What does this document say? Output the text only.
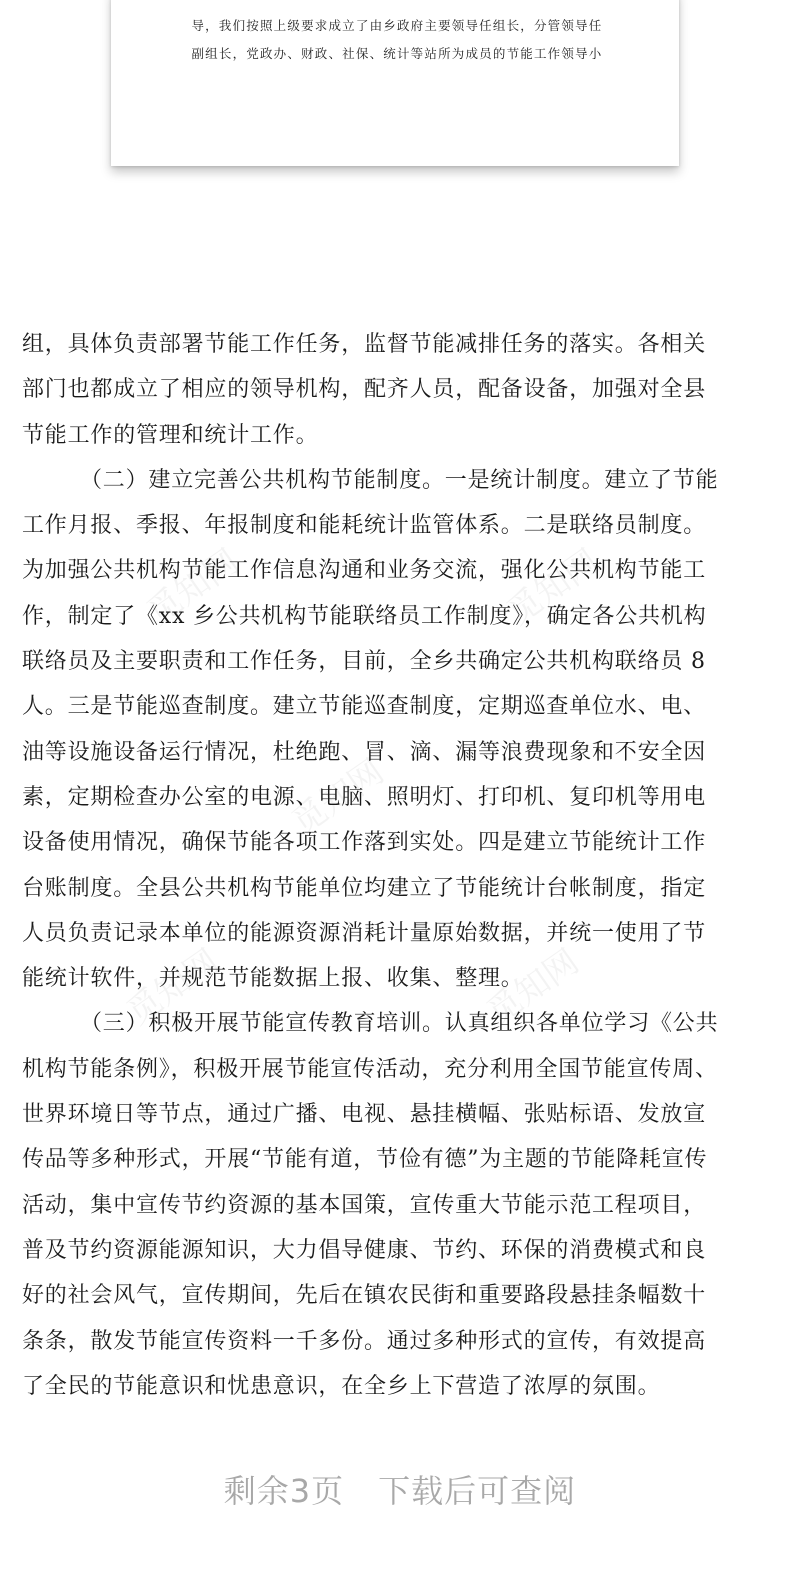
导，我们按照上级要求成立了由乡政府主要领导任组长，分管领导任
副组长，党政办、财政、社保、统计等站所为成员的节能工作领导小
觅知网	觅知网
觅知网
觅知网	觅知网
组，具体负责部署节能工作任务，监督节能减排任务的落实。各相关
部门也都成立了相应的领导机构，配齐人员，配备设备，加强对全县
节能工作的管理和统计工作。
（二）建立完善公共机构节能制度。一是统计制度。建立了节能
工作月报、季报、年报制度和能耗统计监管体系。二是联络员制度。
为加强公共机构节能工作信息沟通和业务交流，强化公共机构节能工
作，制定了《xx 乡公共机构节能联络员工作制度》，确定各公共机构
联络员及主要职责和工作任务，目前，全乡共确定公共机构联络员 8
人。三是节能巡查制度。建立节能巡查制度，定期巡查单位水、电、
油等设施设备运行情况，杜绝跑、冒、滴、漏等浪费现象和不安全因
素，定期检查办公室的电源、电脑、照明灯、打印机、复印机等用电
设备使用情况，确保节能各项工作落到实处。四是建立节能统计工作
台账制度。全县公共机构节能单位均建立了节能统计台帐制度，指定
人员负责记录本单位的能源资源消耗计量原始数据，并统一使用了节
能统计软件，并规范节能数据上报、收集、整理。
（三）积极开展节能宣传教育培训。认真组织各单位学习《公共
机构节能条例》，积极开展节能宣传活动，充分利用全国节能宣传周、
世界环境日等节点，通过广播、电视、悬挂横幅、张贴标语、发放宣
传品等多种形式，开展“节能有道，节俭有德”为主题的节能降耗宣传
活动，集中宣传节约资源的基本国策，宣传重大节能示范工程项目，
普及节约资源能源知识，大力倡导健康、节约、环保的消费模式和良
好的社会风气，宣传期间，先后在镇农民街和重要路段悬挂条幅数十
条条，散发节能宣传资料一千多份。通过多种形式的宣传，有效提高
了全民的节能意识和忧患意识，在全乡上下营造了浓厚的氛围。
剩余3页 下载后可查阅
